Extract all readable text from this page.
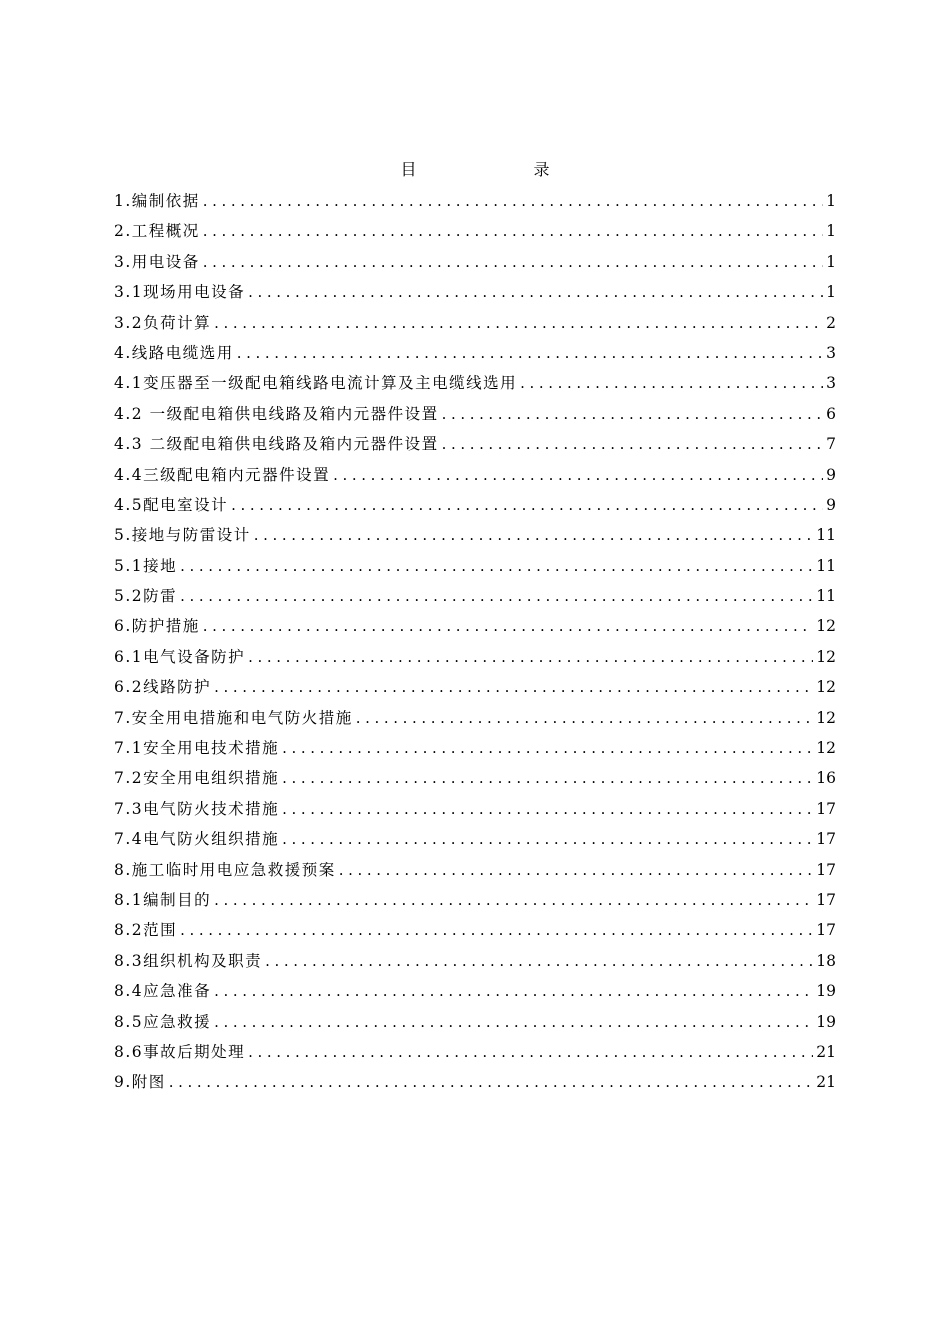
目 录
1.编制依据 .....	1
2.工程概况 .....	1
3.用电设备 .....	1
3.1现场用电设备 .....	1
3.2负荷计算 .....	2
4.线路电缆选用 .....	3
4.1变压器至一级配电箱线路电流计算及主电缆线选用 .....	3
4.2 一级配电箱供电线路及箱内元器件设置 .....	6
4.3 二级配电箱供电线路及箱内元器件设置 .....	7
4.4三级配电箱内元器件设置 .....	9
4.5配电室设计 .....	9
5.接地与防雷设计 .....	11
5.1接地 .....	11
5.2防雷 .....	11
6.防护措施 .....	12
6.1电气设备防护 .....	12
6.2线路防护 .....	12
7.安全用电措施和电气防火措施 .....	12
7.1安全用电技术措施 .....	12
7.2安全用电组织措施 .....	16
7.3电气防火技术措施 .....	17
7.4电气防火组织措施 .....	17
8.施工临时用电应急救援预案 .....	17
8.1编制目的 .....	17
8.2范围 .....	17
8.3组织机构及职责 .....	18
8.4应急准备 .....	19
8.5应急救援 .....	19
8.6事故后期处理 .....	21
9.附图 .....	21
